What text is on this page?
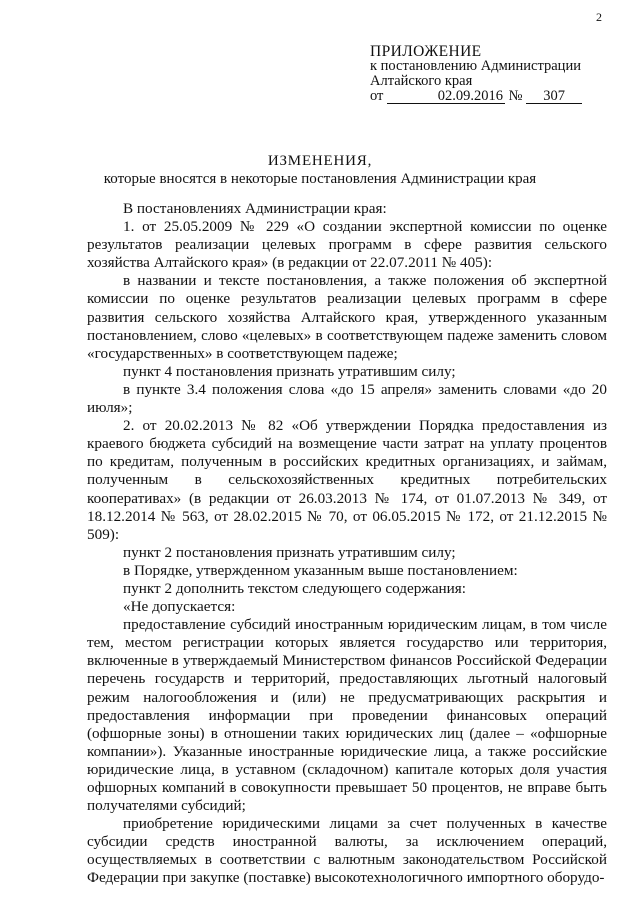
2
ПРИЛОЖЕНИЕ
к постановлению Администрации
Алтайского края
от	02.09.2016 № 307
ИЗМЕНЕНИЯ,
которые вносятся в некоторые постановления Администрации края

В постановлениях Администрации края:

1. от 25.05.2009 № 229 «О создании экспертной комиссии по оценке результатов реализации целевых программ в сфере развития сельского хозяйства Алтайского края» (в редакции от 22.07.2011 № 405):

в названии и тексте постановления, а также положения об экспертной комиссии по оценке результатов реализации целевых программ в сфере развития сельского хозяйства Алтайского края, утвержденного указанным постановлением, слово «целевых» в соответствующем падеже заменить словом «государственных» в соответствующем падеже;

пункт 4 постановления признать утратившим силу;

в пункте 3.4 положения слова «до 15 апреля» заменить словами «до 20 июля»;

2. от 20.02.2013 № 82 «Об утверждении Порядка предоставления из краевого бюджета субсидий на возмещение части затрат на уплату процентов по кредитам, полученным в российских кредитных организациях, и займам, полученным в сельскохозяйственных кредитных потребительских кооперативах» (в редакции от 26.03.2013 № 174, от 01.07.2013 № 349, от 18.12.2014 № 563, от 28.02.2015 № 70, от 06.05.2015 № 172, от 21.12.2015 № 509):

пункт 2 постановления признать утратившим силу;

в Порядке, утвержденном указанным выше постановлением:

пункт 2 дополнить текстом следующего содержания:

«Не допускается:

предоставление субсидий иностранным юридическим лицам, в том числе тем, местом регистрации которых является государство или территория, включенные в утверждаемый Министерством финансов Российской Федерации перечень государств и территорий, предоставляющих льготный налоговый режим налогообложения и (или) не предусматривающих раскрытия и предоставления информации при проведении финансовых операций (офшорные зоны) в отношении таких юридических лиц (далее – «офшорные компании»). Указанные иностранные юридические лица, а также российские юридические лица, в уставном (складочном) капитале которых доля участия офшорных компаний в совокупности превышает 50 процентов, не вправе быть получателями субсидий;

приобретение юридическими лицами за счет полученных в качестве субсидии средств иностранной валюты, за исключением операций, осуществляемых в соответствии с валютным законодательством Российской Федерации при закупке (поставке) высокотехнологичного импортного оборудо-
